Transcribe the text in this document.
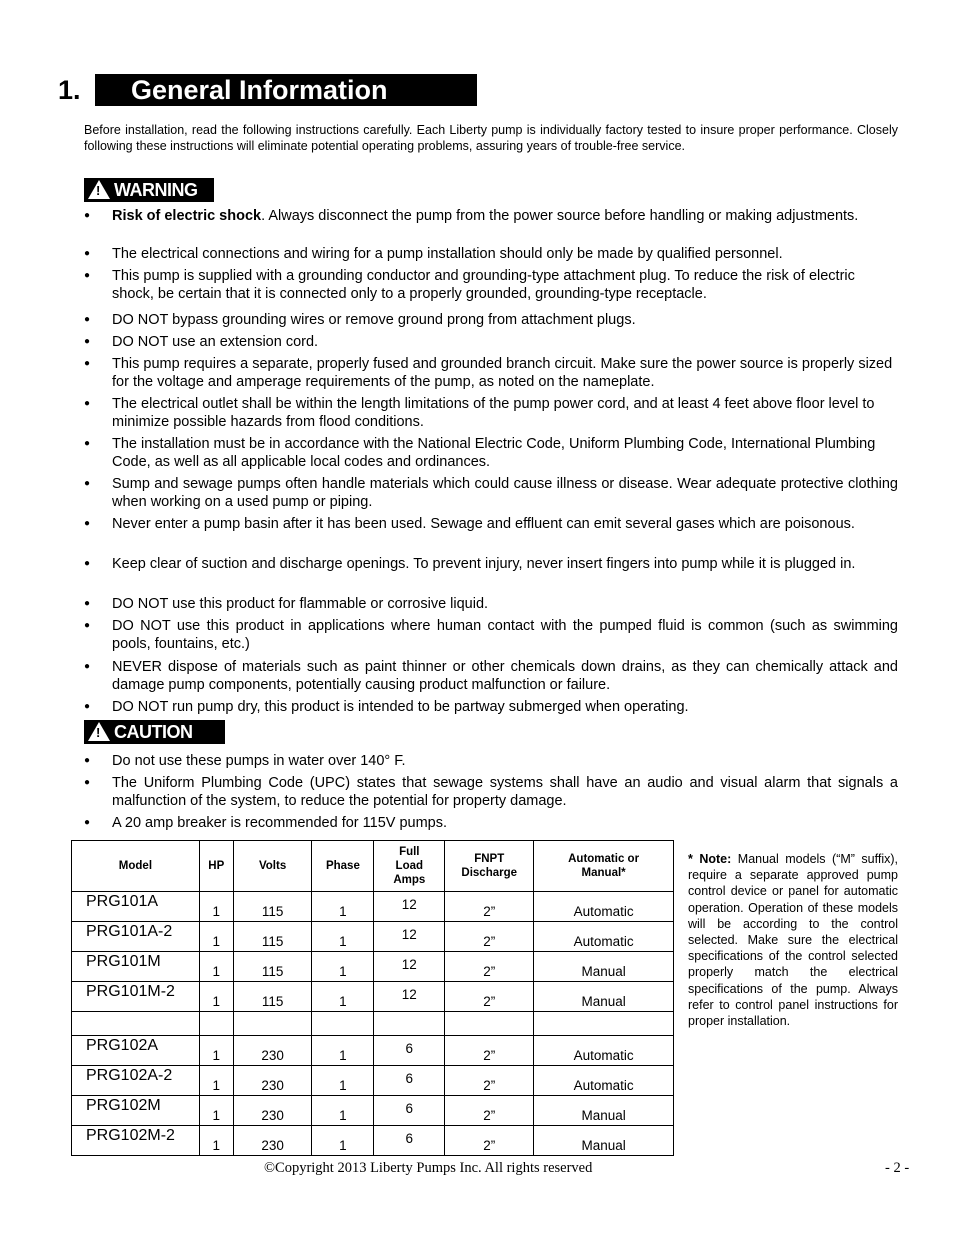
1. General Information

Before installation, read the following instructions carefully. Each Liberty pump is individually factory tested to insure proper performance. Closely following these instructions will eliminate potential operating problems, assuring years of trouble-free service.

!
WARNING
● Risk of electric shock. Always disconnect the pump from the power source before handling or making adjustments.
● The electrical connections and wiring for a pump installation should only be made by qualified personnel.
● This pump is supplied with a grounding conductor and grounding-type attachment plug. To reduce the risk of electric shock, be certain that it is connected only to a properly grounded, grounding-type receptacle.
● DO NOT bypass grounding wires or remove ground prong from attachment plugs.
● DO NOT use an extension cord.
● This pump requires a separate, properly fused and grounded branch circuit. Make sure the power source is properly sized for the voltage and amperage requirements of the pump, as noted on the nameplate.
● The electrical outlet shall be within the length limitations of the pump power cord, and at least 4 feet above floor level to minimize possible hazards from flood conditions.
● The installation must be in accordance with the National Electric Code, Uniform Plumbing Code, International Plumbing Code, as well as all applicable local codes and ordinances.
● Sump and sewage pumps often handle materials which could cause illness or disease. Wear adequate protective clothing when working on a used pump or piping.
● Never enter a pump basin after it has been used. Sewage and effluent can emit several gases which are poisonous.
● Keep clear of suction and discharge openings. To prevent injury, never insert fingers into pump while it is plugged in.
● DO NOT use this product for flammable or corrosive liquid.
● DO NOT use this product in applications where human contact with the pumped fluid is common (such as swimming pools, fountains, etc.)
● NEVER dispose of materials such as paint thinner or other chemicals down drains, as they can chemically attack and damage pump components, potentially causing product malfunction or failure.
● DO NOT run pump dry, this product is intended to be partway submerged when operating.
!
CAUTION
● Do not use these pumps in water over 140° F.
● The Uniform Plumbing Code (UPC) states that sewage systems shall have an audio and visual alarm that signals a malfunction of the system, to reduce the potential for property damage.
● A 20 amp breaker is recommended for 115V pumps.
Model	HP	Volts	Phase	Full Load Amps	FNPT Discharge	Automatic or Manual*
PRG101A	1	115	1	12	2”	Automatic
PRG101A-2	1	115	1	12	2”	Automatic
PRG101M	1	115	1	12	2”	Manual
PRG101M-2	1	115	1	12	2”	Manual

PRG102A	1	230	1	6	2”	Automatic
PRG102A-2	1	230	1	6	2”	Automatic
PRG102M	1	230	1	6	2”	Manual
PRG102M-2	1	230	1	6	2”	Manual

* Note: Manual models (“M” suffix), require a separate approved pump control device or panel for automatic operation. Operation of these models will be according to the control selected. Make sure the electrical specifications of the control selected properly match the electrical specifications of the pump. Always refer to control panel instructions for proper installation.

©Copyright 2013 Liberty Pumps Inc. All rights reserved	- 2 -
